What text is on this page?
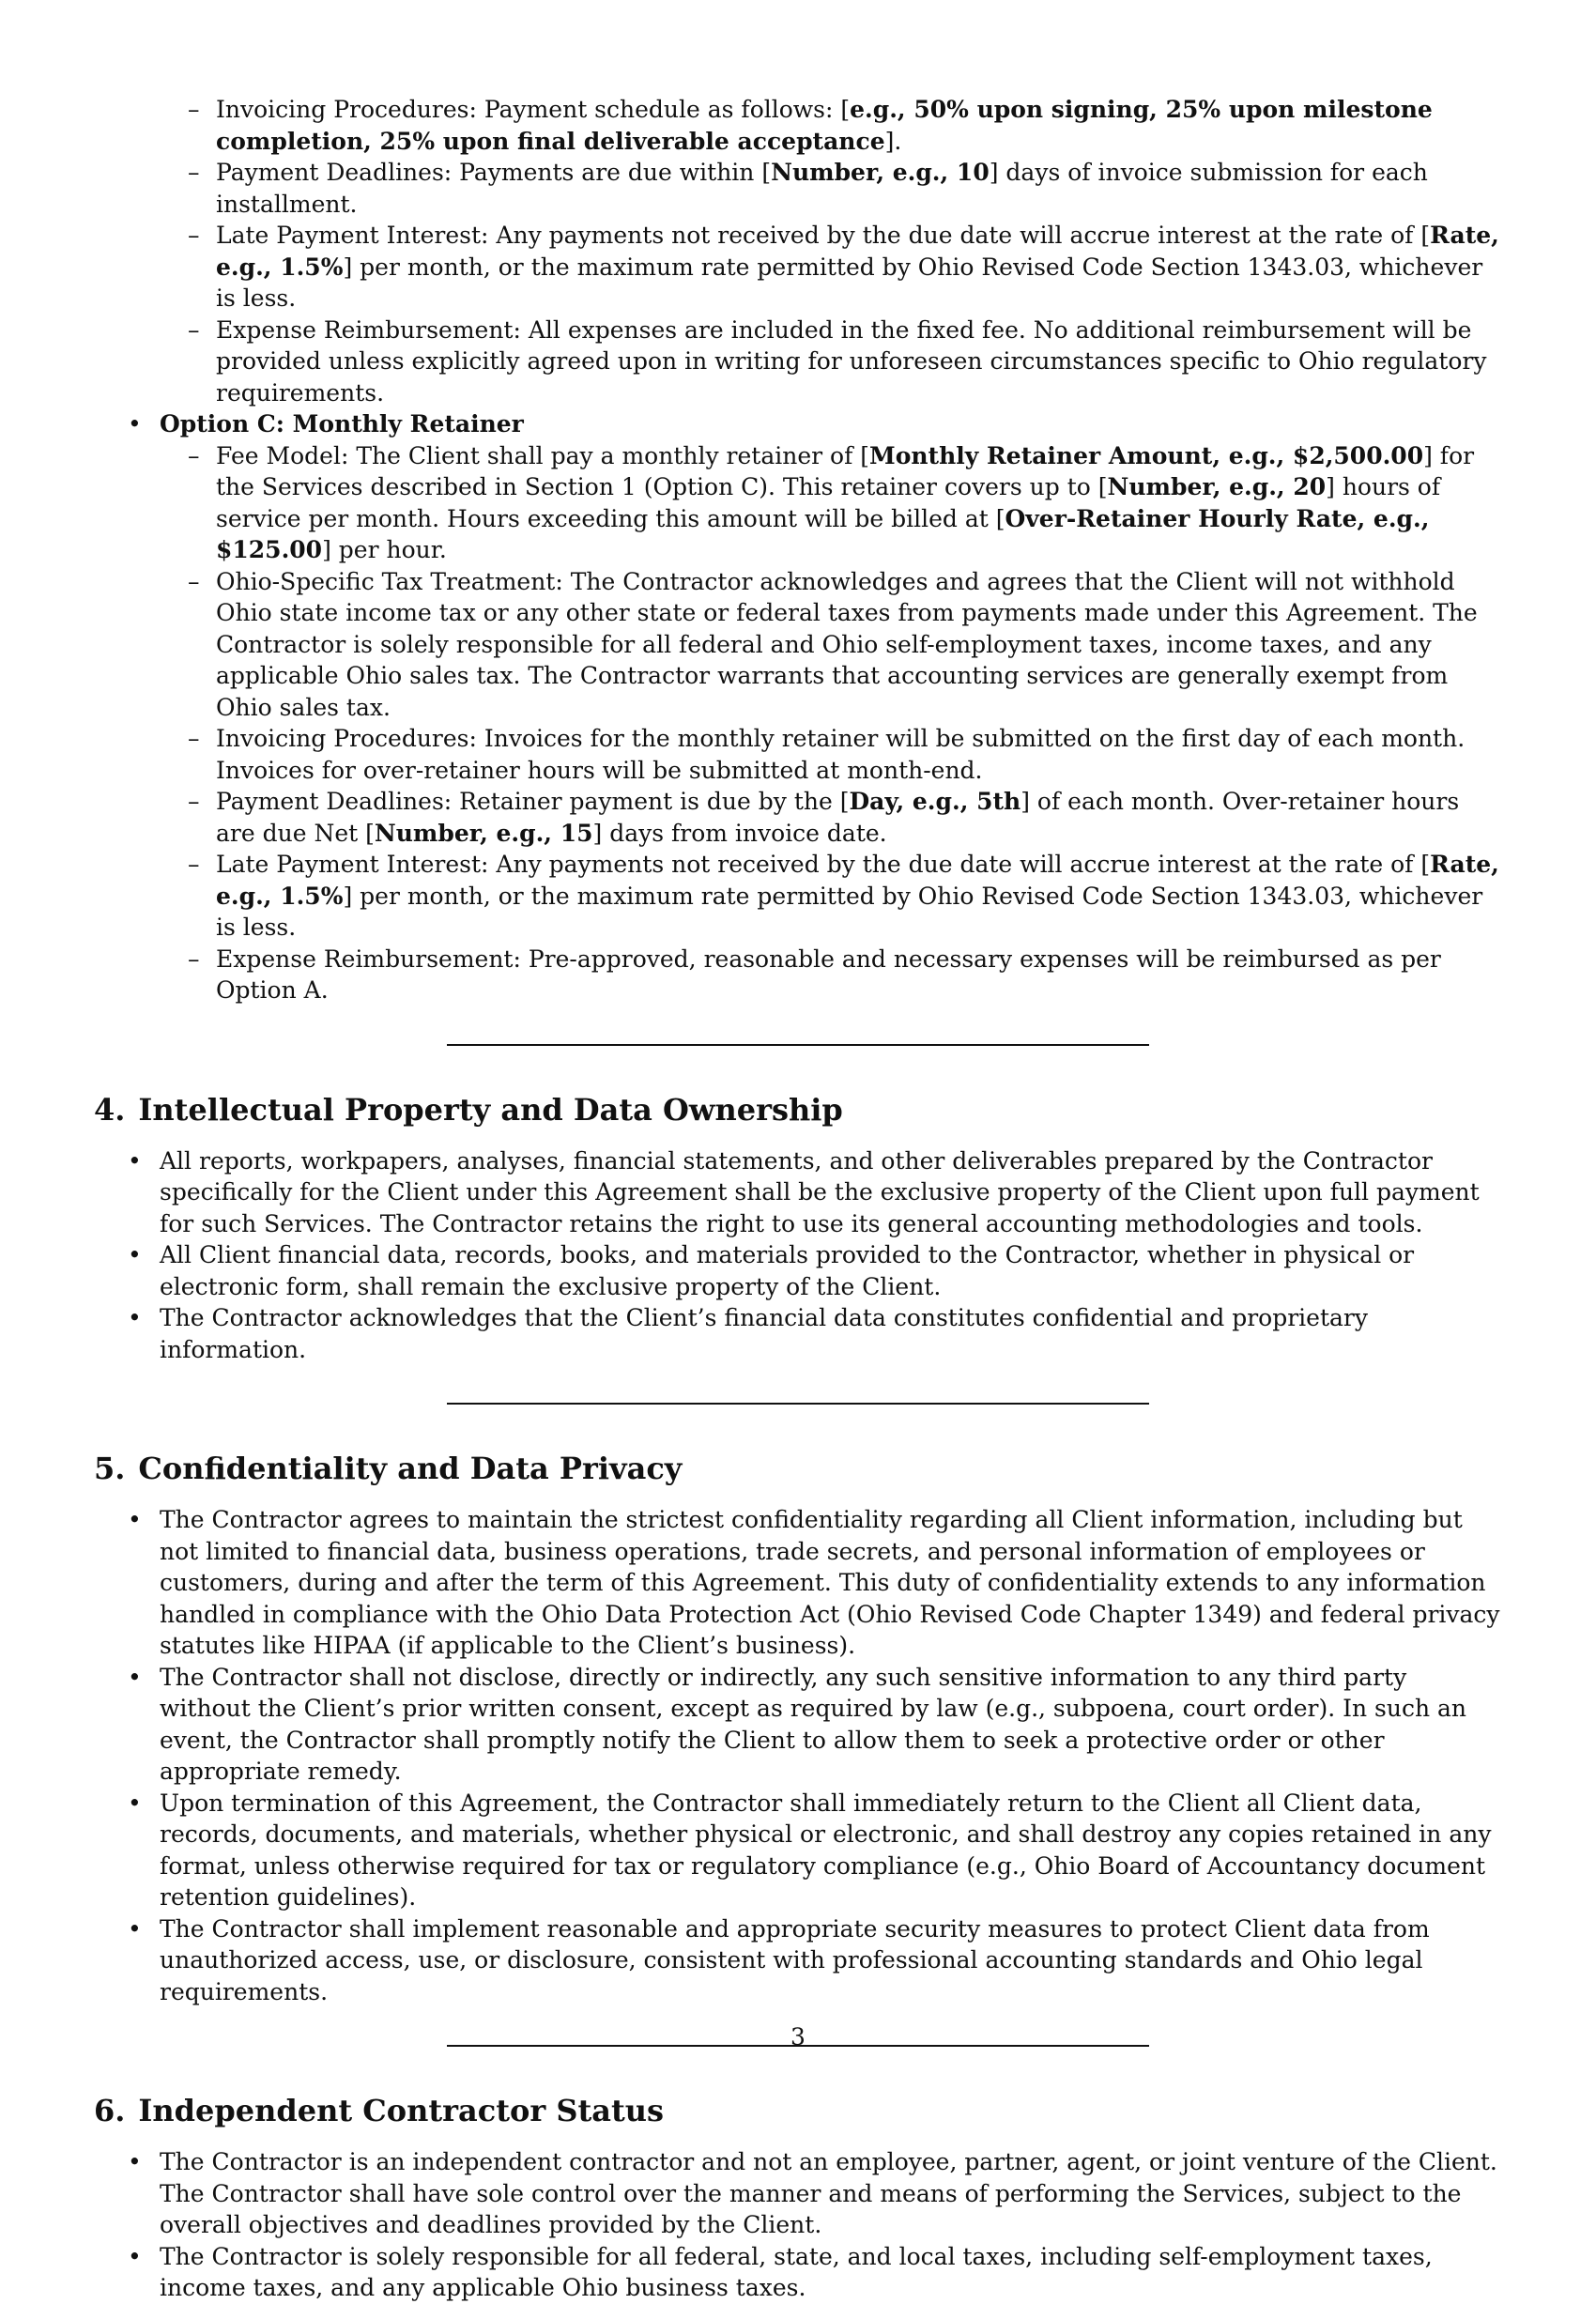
– Invoicing Procedures: Payment schedule as follows: [e.g., 50% upon signing, 25% upon milestone completion, 25% upon final deliverable acceptance].
– Payment Deadlines: Payments are due within [Number, e.g., 10] days of invoice submission for each installment.
– Late Payment Interest: Any payments not received by the due date will accrue interest at the rate of [Rate, e.g., 1.5%] per month, or the maximum rate permitted by Ohio Revised Code Section 1343.03, whichever is less.
– Expense Reimbursement: All expenses are included in the fixed fee. No additional reimbursement will be provided unless explicitly agreed upon in writing for unforeseen circumstances specific to Ohio regulatory requirements.
• Option C: Monthly Retainer
– Fee Model: The Client shall pay a monthly retainer of [Monthly Retainer Amount, e.g., $2,500.00] for the Services described in Section 1 (Option C). This retainer covers up to [Number, e.g., 20] hours of service per month. Hours exceeding this amount will be billed at [Over-Retainer Hourly Rate, e.g., $125.00] per hour.
– Ohio-Specific Tax Treatment: The Contractor acknowledges and agrees that the Client will not withhold Ohio state income tax or any other state or federal taxes from payments made under this Agreement. The Contractor is solely responsible for all federal and Ohio self-employment taxes, income taxes, and any applicable Ohio sales tax. The Contractor warrants that accounting services are generally exempt from Ohio sales tax.
– Invoicing Procedures: Invoices for the monthly retainer will be submitted on the first day of each month. Invoices for over-retainer hours will be submitted at month-end.
– Payment Deadlines: Retainer payment is due by the [Day, e.g., 5th] of each month. Over-retainer hours are due Net [Number, e.g., 15] days from invoice date.
– Late Payment Interest: Any payments not received by the due date will accrue interest at the rate of [Rate, e.g., 1.5%] per month, or the maximum rate permitted by Ohio Revised Code Section 1343.03, whichever is less.
– Expense Reimbursement: Pre-approved, reasonable and necessary expenses will be reimbursed as per Option A.
4. Intellectual Property and Data Ownership
• All reports, workpapers, analyses, financial statements, and other deliverables prepared by the Contractor specifically for the Client under this Agreement shall be the exclusive property of the Client upon full payment for such Services. The Contractor retains the right to use its general accounting methodologies and tools.
• All Client financial data, records, books, and materials provided to the Contractor, whether in physical or electronic form, shall remain the exclusive property of the Client.
• The Contractor acknowledges that the Client’s financial data constitutes confidential and proprietary information.
5. Confidentiality and Data Privacy
• The Contractor agrees to maintain the strictest confidentiality regarding all Client information, including but not limited to financial data, business operations, trade secrets, and personal information of employees or customers, during and after the term of this Agreement. This duty of confidentiality extends to any information handled in compliance with the Ohio Data Protection Act (Ohio Revised Code Chapter 1349) and federal privacy statutes like HIPAA (if applicable to the Client’s business).
• The Contractor shall not disclose, directly or indirectly, any such sensitive information to any third party without the Client’s prior written consent, except as required by law (e.g., subpoena, court order). In such an event, the Contractor shall promptly notify the Client to allow them to seek a protective order or other appropriate remedy.
• Upon termination of this Agreement, the Contractor shall immediately return to the Client all Client data, records, documents, and materials, whether physical or electronic, and shall destroy any copies retained in any format, unless otherwise required for tax or regulatory compliance (e.g., Ohio Board of Accountancy document retention guidelines).
• The Contractor shall implement reasonable and appropriate security measures to protect Client data from unauthorized access, use, or disclosure, consistent with professional accounting standards and Ohio legal requirements.
6. Independent Contractor Status
• The Contractor is an independent contractor and not an employee, partner, agent, or joint venture of the Client. The Contractor shall have sole control over the manner and means of performing the Services, subject to the overall objectives and deadlines provided by the Client.
• The Contractor is solely responsible for all federal, state, and local taxes, including self-employment taxes, income taxes, and any applicable Ohio business taxes.
3
